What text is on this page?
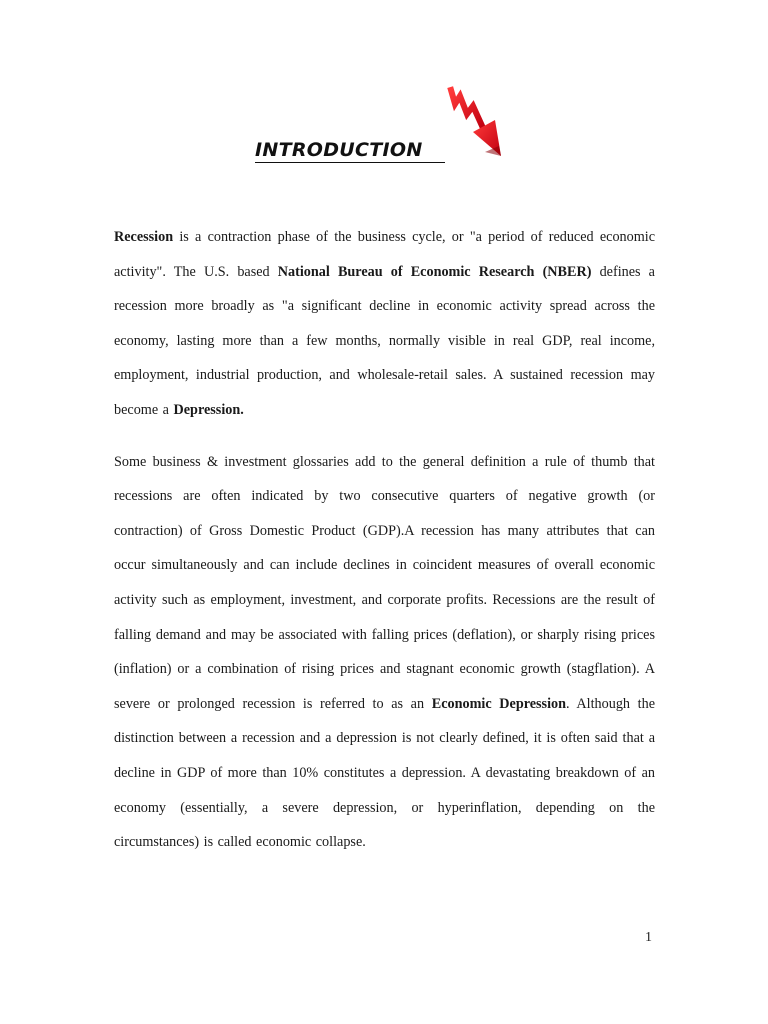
INTRODUCTION

Recession is a contraction phase of the business cycle, or "a period of reduced economic activity". The U.S. based National Bureau of Economic Research (NBER) defines a recession more broadly as "a significant decline in economic activity spread across the economy, lasting more than a few months, normally visible in real GDP, real income, employment, industrial production, and wholesale-retail sales. A sustained recession may become a Depression.

Some business & investment glossaries add to the general definition a rule of thumb that recessions are often indicated by two consecutive quarters of negative growth (or contraction) of Gross Domestic Product (GDP).A recession has many attributes that can occur simultaneously and can include declines in coincident measures of overall economic activity such as employment, investment, and corporate profits. Recessions are the result of falling demand and may be associated with falling prices (deflation), or sharply rising prices (inflation) or a combination of rising prices and stagnant economic growth (stagflation). A severe or prolonged recession is referred to as an Economic Depression. Although the distinction between a recession and a depression is not clearly defined, it is often said that a decline in GDP of more than 10% constitutes a depression. A devastating breakdown of an economy (essentially, a severe depression, or hyperinflation, depending on the circumstances) is called economic collapse.

1
